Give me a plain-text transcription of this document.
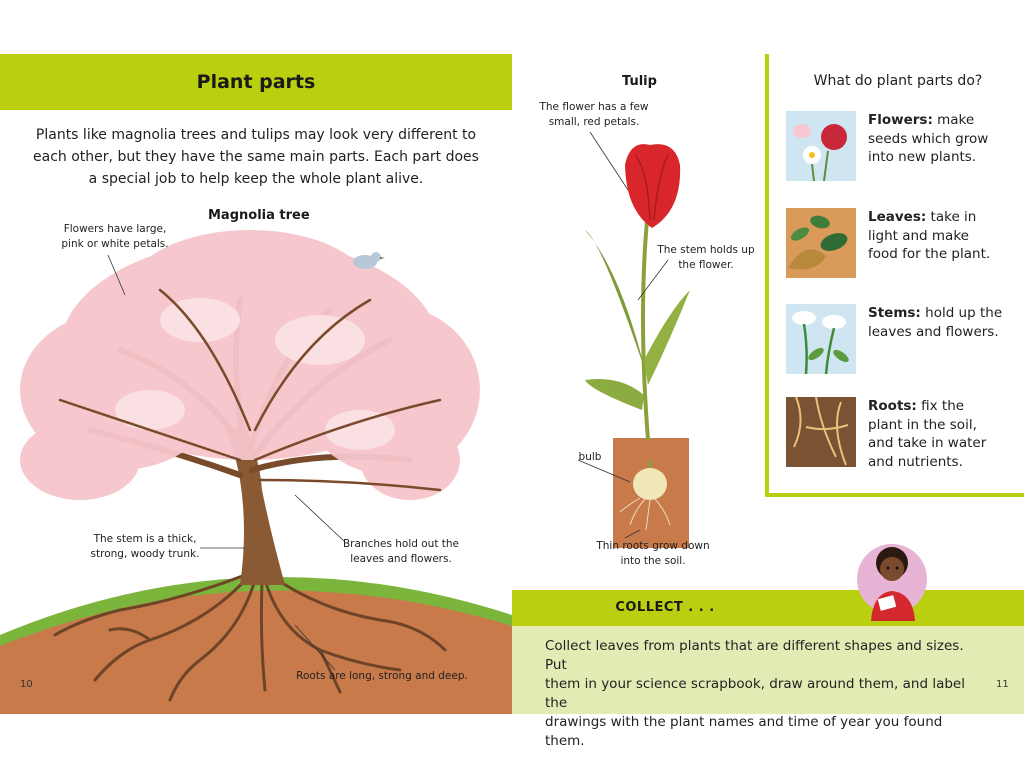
Plant parts
Plants like magnolia trees and tulips may look very different to each other, but they have the same main parts. Each part does a special job to help keep the whole plant alive.
Magnolia tree
Flowers have large,
pink or white petals.
The stem is a thick,
strong, woody trunk.
Branches hold out the
leaves and flowers.
Roots are long, strong and deep.
10
Tulip
The flower has a few
small, red petals.
The stem holds up
the flower.
bulb
Thin roots grow down
into the soil.
What do plant parts do?
Flowers: make
seeds which grow
into new plants.
Leaves: take in
light and make
food for the plant.
Stems: hold up the
leaves and flowers.
Roots: fix the
plant in the soil,
and take in water
and nutrients.
COLLECT . . .
Collect leaves from plants that are different shapes and sizes. Put
them in your science scrapbook, draw around them, and label the
drawings with the plant names and time of year you found them.
11
